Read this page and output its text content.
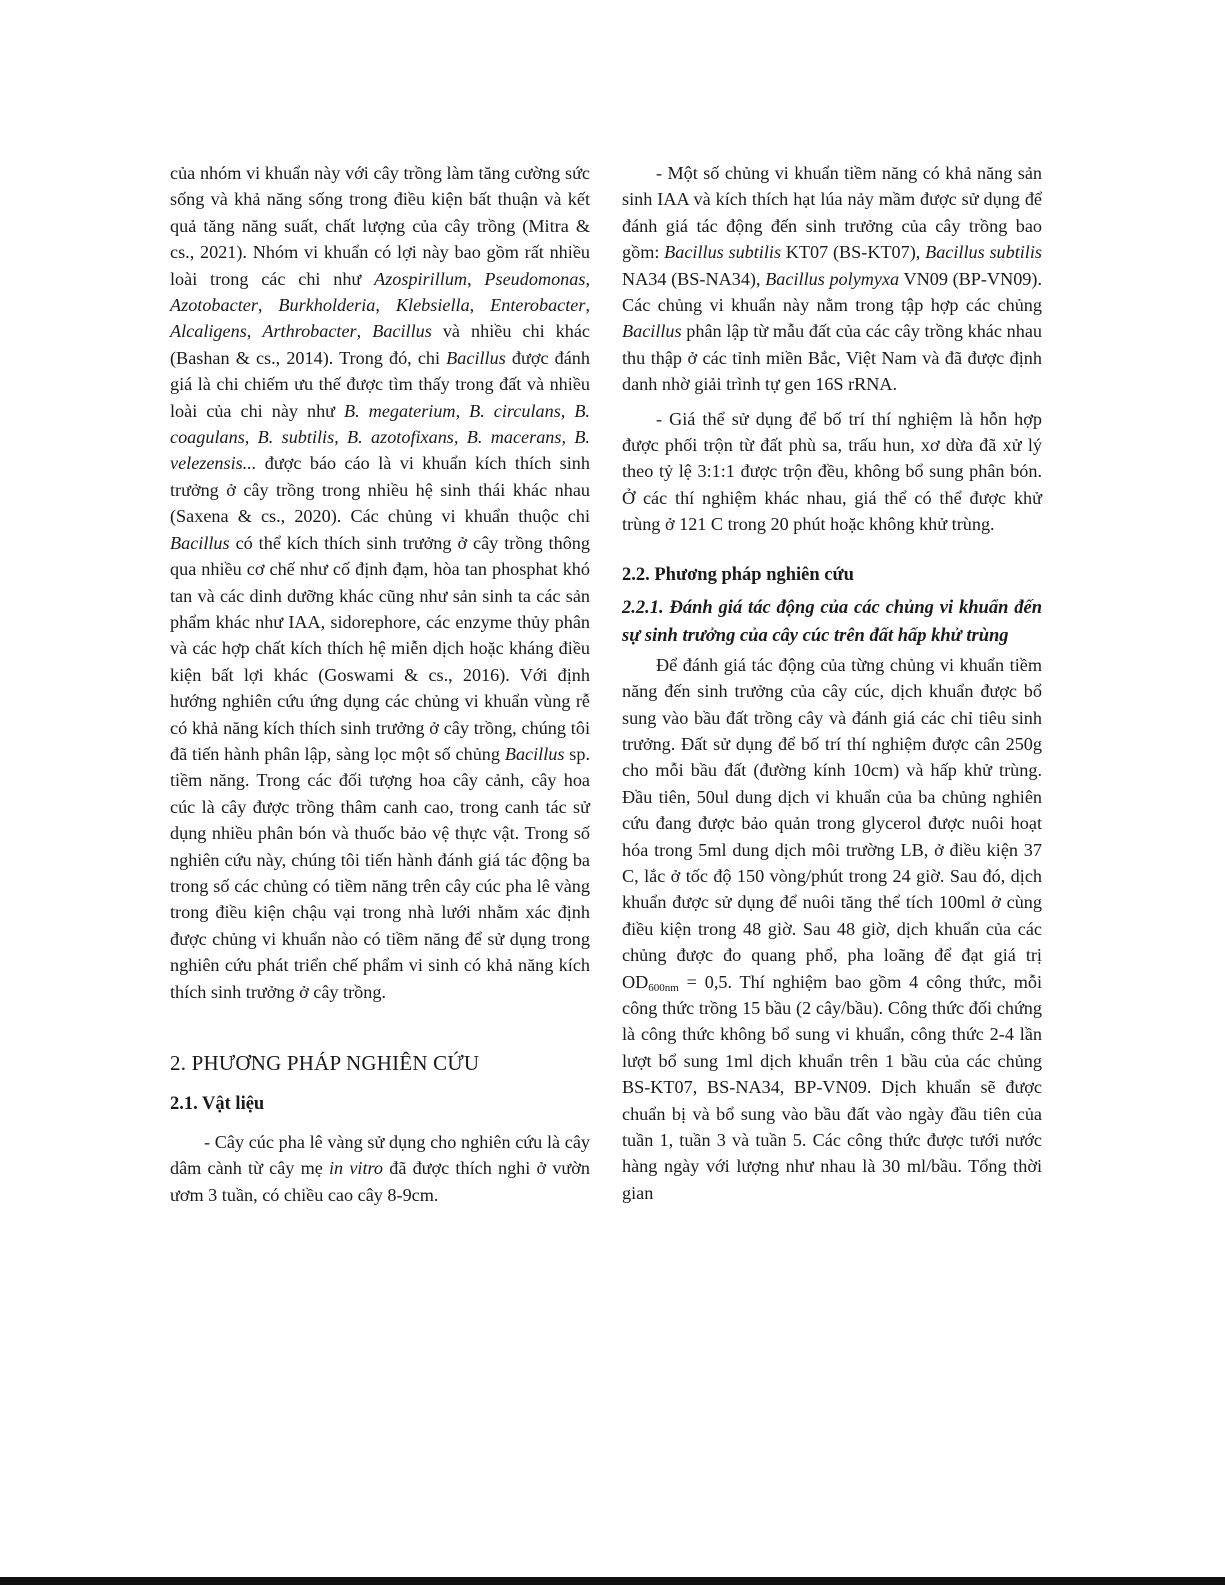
của nhóm vi khuẩn này với cây trồng làm tăng cường sức sống và khả năng sống trong điều kiện bất thuận và kết quả tăng năng suất, chất lượng của cây trồng (Mitra & cs., 2021). Nhóm vi khuẩn có lợi này bao gồm rất nhiều loài trong các chi như Azospirillum, Pseudomonas, Azotobacter, Burkholderia, Klebsiella, Enterobacter, Alcaligens, Arthrobacter, Bacillus và nhiều chi khác (Bashan & cs., 2014). Trong đó, chi Bacillus được đánh giá là chi chiếm ưu thế được tìm thấy trong đất và nhiều loài của chi này như B. megaterium, B. circulans, B. coagulans, B. subtilis, B. azotofixans, B. macerans, B. velezensis... được báo cáo là vi khuẩn kích thích sinh trưởng ở cây trồng trong nhiều hệ sinh thái khác nhau (Saxena & cs., 2020). Các chủng vi khuẩn thuộc chi Bacillus có thể kích thích sinh trưởng ở cây trồng thông qua nhiều cơ chế như cố định đạm, hòa tan phosphat khó tan và các dinh dưỡng khác cũng như sản sinh ta các sản phẩm khác như IAA, sidorephore, các enzyme thủy phân và các hợp chất kích thích hệ miễn dịch hoặc kháng điều kiện bất lợi khác (Goswami & cs., 2016). Với định hướng nghiên cứu ứng dụng các chủng vi khuẩn vùng rễ có khả năng kích thích sinh trưởng ở cây trồng, chúng tôi đã tiến hành phân lập, sàng lọc một số chủng Bacillus sp. tiềm năng. Trong các đối tượng hoa cây cảnh, cây hoa cúc là cây được trồng thâm canh cao, trong canh tác sử dụng nhiều phân bón và thuốc bảo vệ thực vật. Trong số nghiên cứu này, chúng tôi tiến hành đánh giá tác động ba trong số các chủng có tiềm năng trên cây cúc pha lê vàng trong điều kiện chậu vại trong nhà lưới nhằm xác định được chủng vi khuẩn nào có tiềm năng để sử dụng trong nghiên cứu phát triển chế phẩm vi sinh có khả năng kích thích sinh trưởng ở cây trồng.

2. PHƯƠNG PHÁP NGHIÊN CỨU
2.1. Vật liệu

- Cây cúc pha lê vàng sử dụng cho nghiên cứu là cây dâm cành từ cây mẹ in vitro đã được thích nghi ở vườn ươm 3 tuần, có chiều cao cây 8-9cm.

- Một số chủng vi khuẩn tiềm năng có khả năng sản sinh IAA và kích thích hạt lúa nảy mầm được sử dụng để đánh giá tác động đến sinh trưởng của cây trồng bao gồm: Bacillus subtilis KT07 (BS-KT07), Bacillus subtilis NA34 (BS-NA34), Bacillus polymyxa VN09 (BP-VN09). Các chủng vi khuẩn này nằm trong tập hợp các chủng Bacillus phân lập từ mẫu đất của các cây trồng khác nhau thu thập ở các tỉnh miền Bắc, Việt Nam và đã được định danh nhờ giải trình tự gen 16S rRNA.

- Giá thể sử dụng để bố trí thí nghiệm là hỗn hợp được phối trộn từ đất phù sa, trấu hun, xơ dừa đã xử lý theo tỷ lệ 3:1:1 được trộn đều, không bổ sung phân bón. Ở các thí nghiệm khác nhau, giá thể có thể được khử trùng ở 121 C trong 20 phút hoặc không khử trùng.

2.2. Phương pháp nghiên cứu
2.2.1. Đánh giá tác động của các chủng vi khuẩn đến sự sinh trưởng của cây cúc trên đất hấp khử trùng

Để đánh giá tác động của từng chủng vi khuẩn tiềm năng đến sinh trưởng của cây cúc, dịch khuẩn được bổ sung vào bầu đất trồng cây và đánh giá các chỉ tiêu sinh trưởng. Đất sử dụng để bố trí thí nghiệm được cân 250g cho mỗi bầu đất (đường kính 10cm) và hấp khử trùng. Đầu tiên, 50ul dung dịch vi khuẩn của ba chủng nghiên cứu đang được bảo quản trong glycerol được nuôi hoạt hóa trong 5ml dung dịch môi trường LB, ở điều kiện 37 C, lắc ở tốc độ 150 vòng/phút trong 24 giờ. Sau đó, dịch khuẩn được sử dụng để nuôi tăng thể tích 100ml ở cùng điều kiện trong 48 giờ. Sau 48 giờ, dịch khuẩn của các chủng được đo quang phổ, pha loãng để đạt giá trị $OD_{600nm} = 0,5$. Thí nghiệm bao gồm 4 công thức, mỗi công thức trồng 15 bầu (2 cây/bầu). Công thức đối chứng là công thức không bổ sung vi khuẩn, công thức 2-4 lần lượt bổ sung 1ml dịch khuẩn trên 1 bầu của các chủng BS-KT07, BS-NA34, BP-VN09. Dịch khuẩn sẽ được chuẩn bị và bổ sung vào bầu đất vào ngày đầu tiên của tuần 1, tuần 3 và tuần 5. Các công thức được tưới nước hàng ngày với lượng như nhau là 30 ml/bầu. Tổng thời gian
